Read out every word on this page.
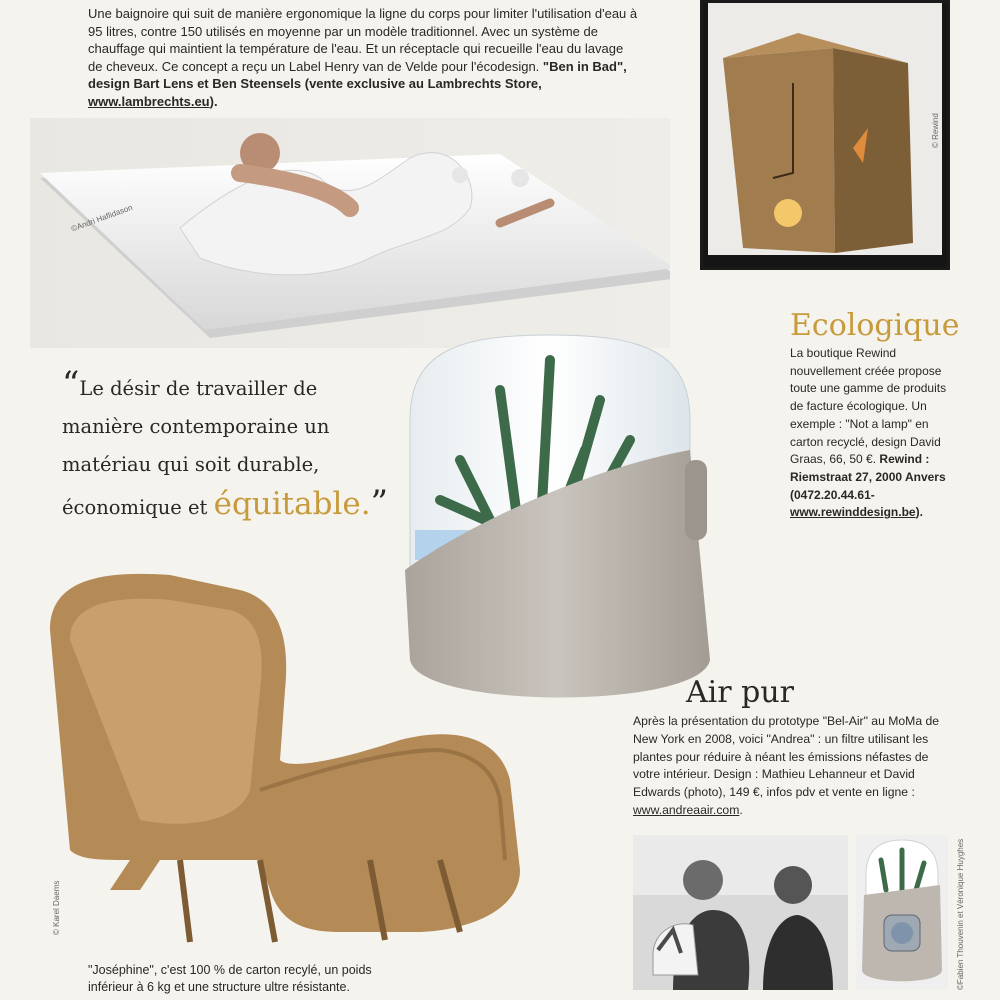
Une baignoire qui suit de manière ergonomique la ligne du corps pour limiter l'utilisation d'eau à 95 litres, contre 150 utilisés en moyenne par un modèle traditionnel. Avec un système de chauffage qui maintient la température de l'eau. Et un réceptacle qui recueille l'eau du lavage de cheveux. Ce concept a reçu un Label Henry van de Velde pour l'écodesign. "Ben in Bad", design Bart Lens et Ben Steensels (vente exclusive au Lambrechts Store, www.lambrechts.eu).
©Andri Haflidason
© Rewind
Ecologique
La boutique Rewind nouvellement créée propose toute une gamme de produits de facture écologique. Un exemple : "Not a lamp" en carton recyclé, design David Graas, 66, 50 €. Rewind : Riemstraat 27, 2000 Anvers (0472.20.44.61-www.rewinddesign.be).
“Le désir de travailler de manière contemporaine un matériau qui soit durable, économique et équitable.”
© Karel Daems
"Joséphine", c'est 100 % de carton recylé, un poids inférieur à 6 kg et une structure ultre résistante.
Air pur
Après la présentation du prototype "Bel-Air" au MoMa de New York en 2008, voici "Andrea" : un filtre utilisant les plantes pour réduire à néant les émissions néfastes de votre intérieur. Design : Mathieu Lehanneur et David Edwards (photo), 149 €, infos pdv et vente en ligne : www.andreaair.com.
©Fabien Thouvenin et Véronique Huyghes
